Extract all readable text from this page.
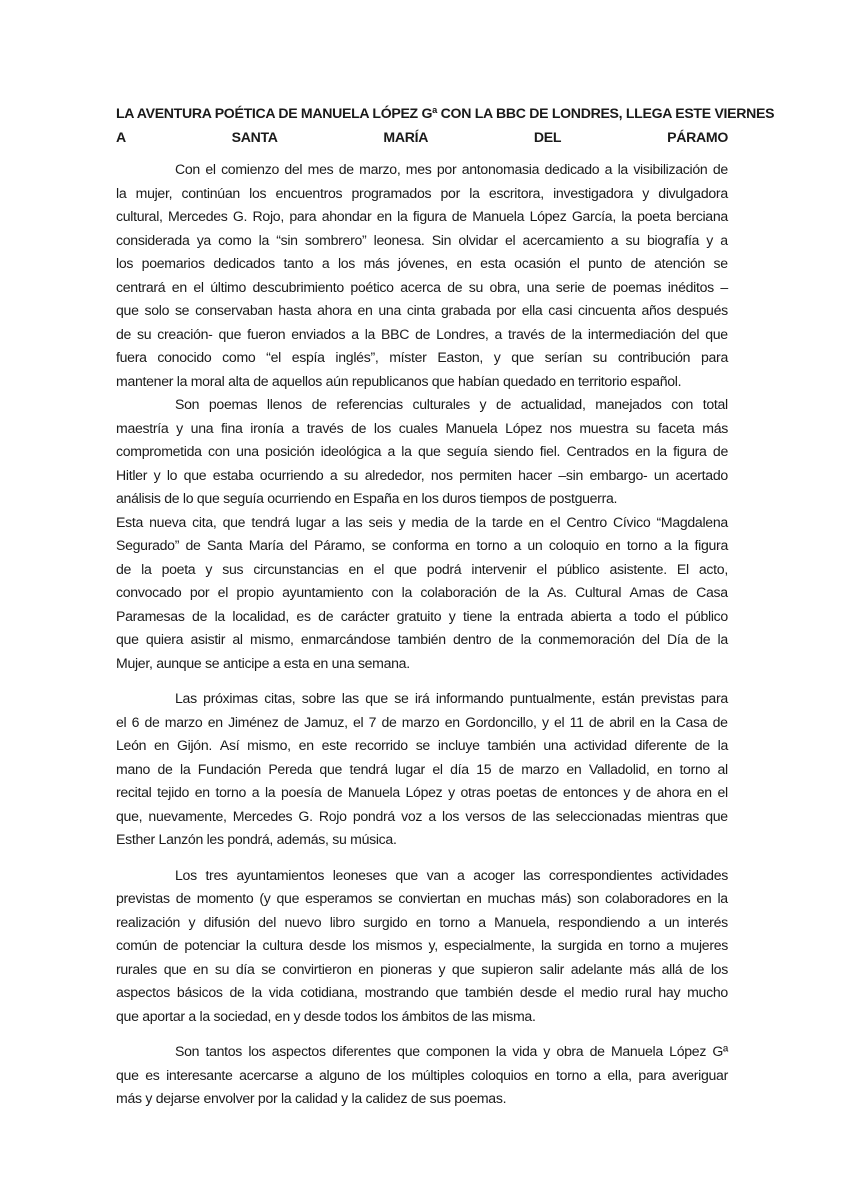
LA AVENTURA POÉTICA DE MANUELA LÓPEZ Gª CON LA BBC DE LONDRES, LLEGA ESTE VIERNES
A SANTA MARÍA DEL PÁRAMO
Con el comienzo del mes de marzo, mes por antonomasia dedicado a la visibilización de
la mujer, continúan los encuentros programados por la escritora, investigadora y divulgadora
cultural, Mercedes G. Rojo, para ahondar en la figura de Manuela López García, la poeta berciana
considerada ya como la “sin sombrero” leonesa. Sin olvidar el acercamiento a su biografía y a
los poemarios dedicados tanto a los más jóvenes, en esta ocasión el punto de atención se
centrará en el último descubrimiento poético acerca de su obra, una serie de poemas inéditos –
que solo se conservaban hasta ahora en una cinta grabada por ella casi cincuenta años después
de su creación- que fueron enviados a la BBC de Londres, a través de la intermediación del que
fuera conocido como “el espía inglés”, míster Easton, y que serían su contribución para
mantener la moral alta de aquellos aún republicanos que habían quedado en territorio español.
Son poemas llenos de referencias culturales y de actualidad, manejados con total
maestría y una fina ironía a través de los cuales Manuela López nos muestra su faceta más
comprometida con una posición ideológica a la que seguía siendo fiel. Centrados en la figura de
Hitler y lo que estaba ocurriendo a su alrededor, nos permiten hacer –sin embargo- un acertado
análisis de lo que seguía ocurriendo en España en los duros tiempos de postguerra.
Esta nueva cita, que tendrá lugar a las seis y media de la tarde en el Centro Cívico “Magdalena
Segurado” de Santa María del Páramo, se conforma en torno a un coloquio en torno a la figura
de la poeta y sus circunstancias en el que podrá intervenir el público asistente. El acto,
convocado por el propio ayuntamiento con la colaboración de la As. Cultural Amas de Casa
Paramesas de la localidad, es de carácter gratuito y tiene la entrada abierta a todo el público
que quiera asistir al mismo, enmarcándose también dentro de la conmemoración del Día de la
Mujer, aunque se anticipe a esta en una semana.
Las próximas citas, sobre las que se irá informando puntualmente, están previstas para
el 6 de marzo en Jiménez de Jamuz, el 7 de marzo en Gordoncillo, y el 11 de abril en la Casa de
León en Gijón. Así mismo, en este recorrido se incluye también una actividad diferente de la
mano de la Fundación Pereda que tendrá lugar el día 15 de marzo en Valladolid, en torno al
recital tejido en torno a la poesía de Manuela López y otras poetas de entonces y de ahora en el
que, nuevamente, Mercedes G. Rojo pondrá voz a los versos de las seleccionadas mientras que
Esther Lanzón les pondrá, además, su música.
Los tres ayuntamientos leoneses que van a acoger las correspondientes actividades
previstas de momento (y que esperamos se conviertan en muchas más) son colaboradores en la
realización y difusión del nuevo libro surgido en torno a Manuela, respondiendo a un interés
común de potenciar la cultura desde los mismos y, especialmente, la surgida en torno a mujeres
rurales que en su día se convirtieron en pioneras y que supieron salir adelante más allá de los
aspectos básicos de la vida cotidiana, mostrando que también desde el medio rural hay mucho
que aportar a la sociedad, en y desde todos los ámbitos de las misma.
Son tantos los aspectos diferentes que componen la vida y obra de Manuela López Gª
que es interesante acercarse a alguno de los múltiples coloquios en torno a ella, para averiguar
más y dejarse envolver por la calidad y la calidez de sus poemas.
